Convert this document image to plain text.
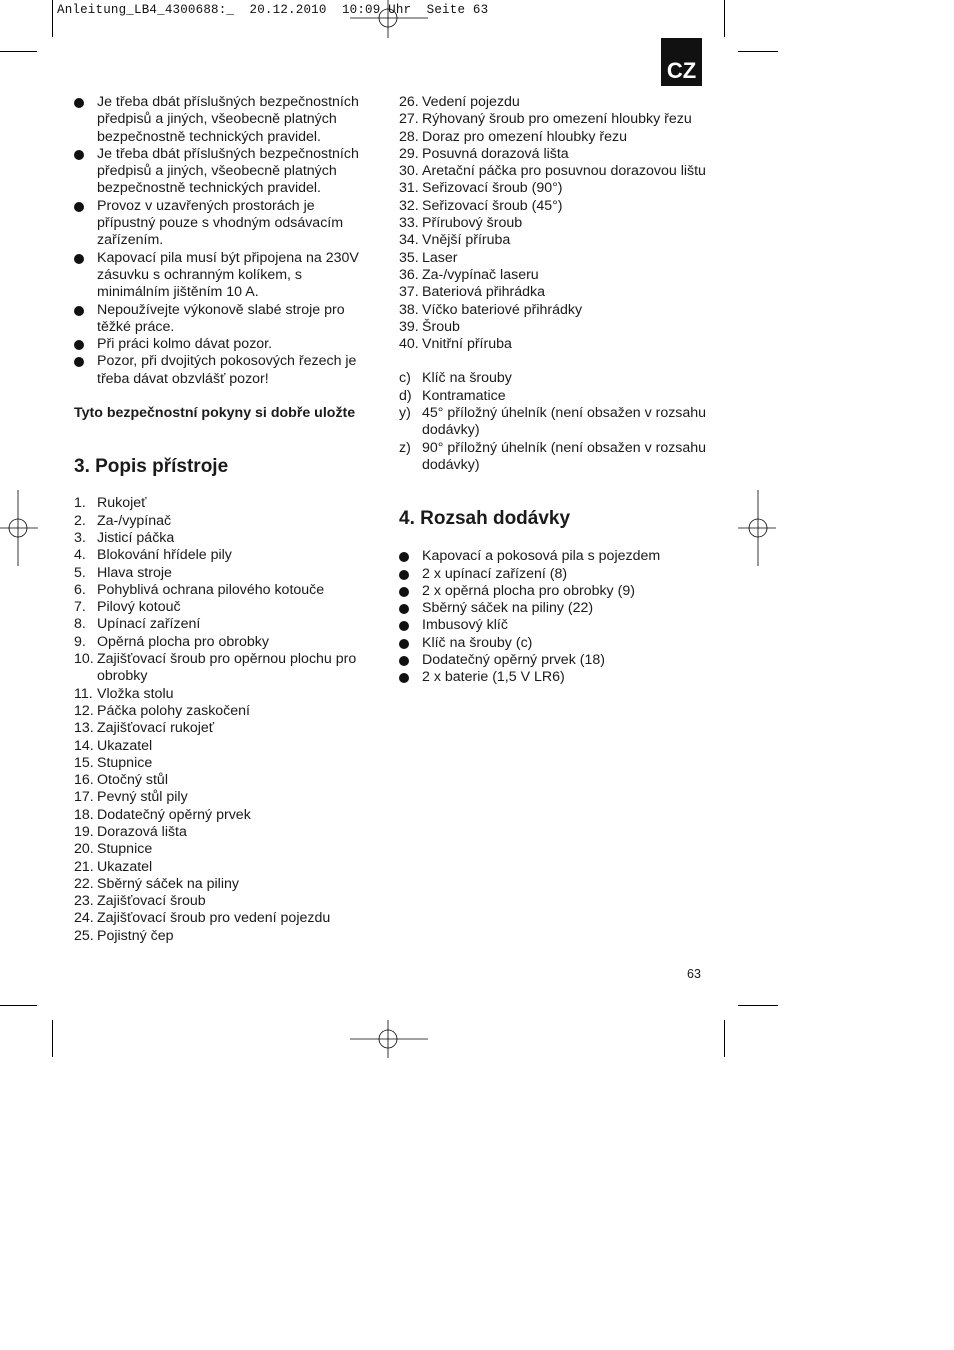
Anleitung_LB4_4300688:_  20.12.2010  10:09 Uhr  Seite 63
CZ
Je třeba dbát příslušných bezpečnostních předpisů a jiných, všeobecně platných bezpečnostně technických pravidel.
Je třeba dbát příslušných bezpečnostních předpisů a jiných, všeobecně platných bezpečnostně technických pravidel.
Provoz v uzavřených prostorách je přípustný pouze s vhodným odsávacím zařízením.
Kapovací pila musí být připojena na 230V zásuvku s ochranným kolíkem, s minimálním jištěním 10 A.
Nepoužívejte výkonově slabé stroje pro těžké práce.
Při práci kolmo dávat pozor.
Pozor, při dvojitých pokosových řezech je třeba dávat obzvlášť pozor!
Tyto bezpečnostní pokyny si dobře uložte
3. Popis přístroje
1. Rukojeť
2. Za-/vypínač
3. Jisticí páčka
4. Blokování hřídele pily
5. Hlava stroje
6. Pohyblivá ochrana pilového kotouče
7. Pilový kotouč
8. Upínací zařízení
9. Opěrná plocha pro obrobky
10. Zajišťovací šroub pro opěrnou plochu pro obrobky
11. Vložka stolu
12. Páčka polohy zaskočení
13. Zajišťovací rukojeť
14. Ukazatel
15. Stupnice
16. Otočný stůl
17. Pevný stůl pily
18. Dodatečný opěrný prvek
19. Dorazová lišta
20. Stupnice
21. Ukazatel
22. Sběrný sáček na piliny
23. Zajišťovací šroub
24. Zajišťovací šroub pro vedení pojezdu
25. Pojistný čep
26. Vedení pojezdu
27. Rýhovaný šroub pro omezení hloubky řezu
28. Doraz pro omezení hloubky řezu
29. Posuvná dorazová lišta
30. Aretační páčka pro posuvnou dorazovou lištu
31. Seřizovací šroub (90°)
32. Seřizovací šroub (45°)
33. Přírubový šroub
34. Vnější příruba
35. Laser
36. Za-/vypínač laseru
37. Bateriová přihrádka
38. Víčko bateriové přihrádky
39. Šroub
40. Vnitřní příruba
c) Klíč na šrouby
d) Kontramatice
y) 45° příložný úhelník (není obsažen v rozsahu dodávky)
z) 90° příložný úhelník (není obsažen v rozsahu dodávky)
4. Rozsah dodávky
Kapovací a pokosová pila s pojezdem
2 x upínací zařízení (8)
2 x opěrná plocha pro obrobky (9)
Sběrný sáček na piliny (22)
Imbusový klíč
Klíč na šrouby (c)
Dodatečný opěrný prvek (18)
2 x baterie (1,5 V LR6)
63
